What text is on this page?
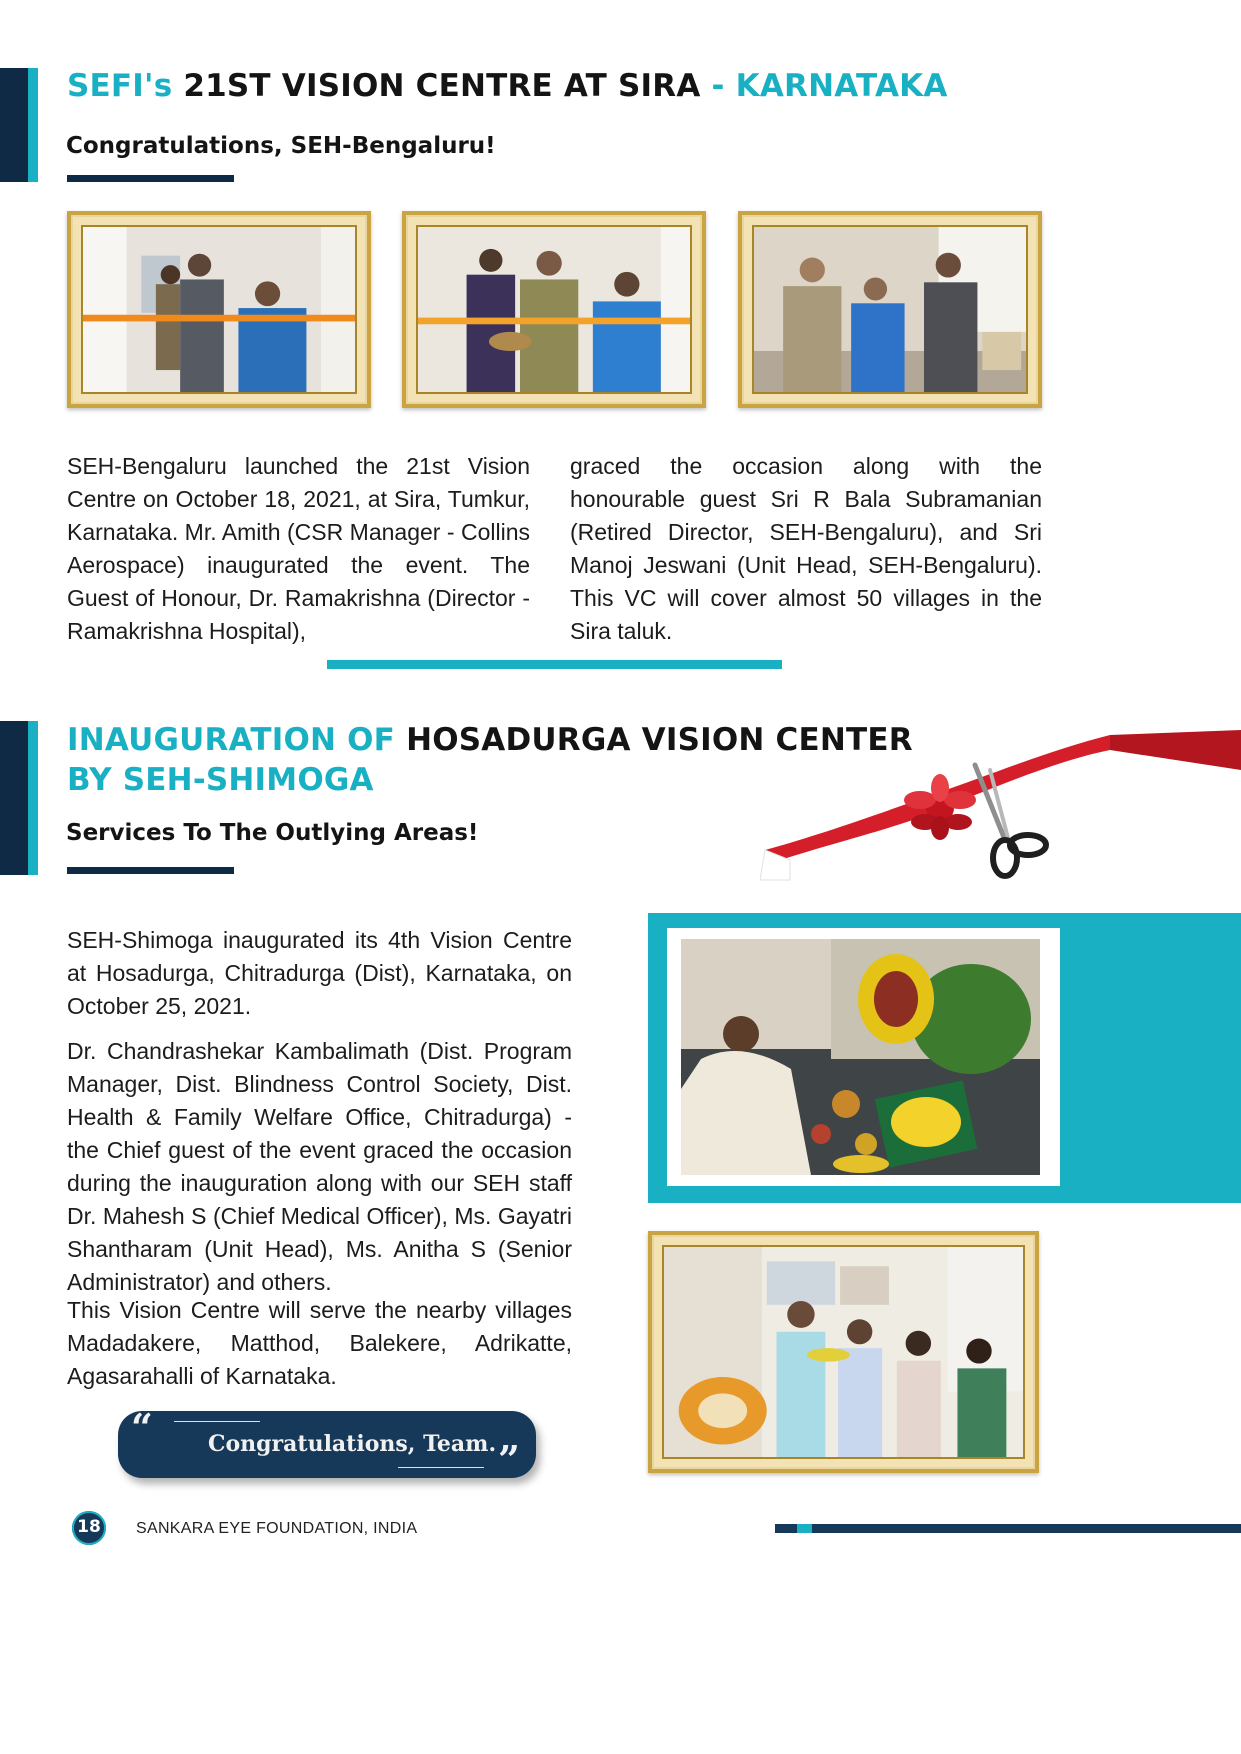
SEFI's 21ST VISION CENTRE AT SIRA - KARNATAKA
Congratulations, SEH-Bengaluru!
SEH-Bengaluru launched the 21st Vision Centre on October 18, 2021, at Sira, Tumkur, Karnataka. Mr. Amith (CSR Manager - Collins Aerospace) inaugurated the event. The Guest of Honour, Dr. Ramakrishna (Director - Ramakrishna Hospital),
graced the occasion along with the honourable guest Sri R Bala Subramanian (Retired Director, SEH-Bengaluru), and Sri Manoj Jeswani (Unit Head, SEH-Bengaluru). This VC will cover almost 50 villages in the Sira taluk.
INAUGURATION OF HOSADURGA VISION CENTER BY SEH-SHIMOGA
Services To The Outlying Areas!
SEH-Shimoga inaugurated its 4th Vision Centre at Hosadurga, Chitradurga (Dist), Karnataka, on October 25, 2021.
Dr. Chandrashekar Kambalimath (Dist. Program Manager, Dist. Blindness Control Society, Dist. Health & Family Welfare Office, Chitradurga) - the Chief guest of the event graced the occasion during the inauguration along with our SEH staff Dr. Mahesh S (Chief Medical Officer), Ms. Gayatri Shantharam (Unit Head), Ms. Anitha S (Senior Administrator) and others.
This Vision Centre will serve the nearby villages Madadakere, Matthod, Balekere, Adrikatte, Agasarahalli of Karnataka.
“	Congratulations, Team. ”
18	SANKARA EYE FOUNDATION, INDIA
